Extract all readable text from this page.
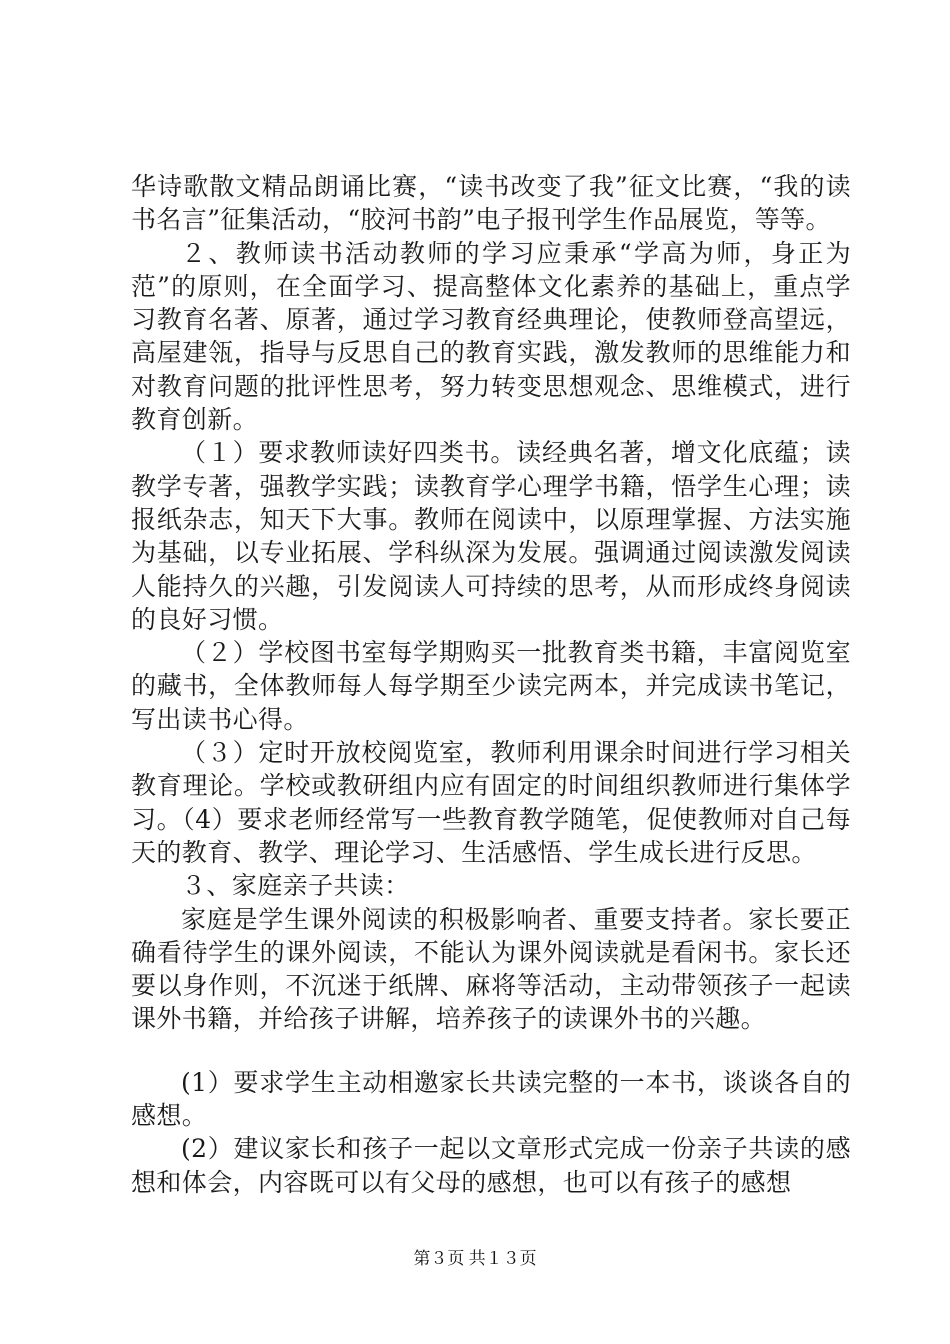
华诗歌散文精品朗诵比赛，“读书改变了我”征文比赛，“我的读书名言”征集活动，“胶河书韵”电子报刊学生作品展览，等等。

２、教师读书活动教师的学习应秉承“学高为师，身正为范”的原则，在全面学习、提高整体文化素养的基础上，重点学习教育名著、原著，通过学习教育经典理论，使教师登高望远，高屋建瓴，指导与反思自己的教育实践，激发教师的思维能力和对教育问题的批评性思考，努力转变思想观念、思维模式，进行教育创新。

（１）要求教师读好四类书。读经典名著，增文化底蕴；读教学专著，强教学实践；读教育学心理学书籍，悟学生心理；读报纸杂志，知天下大事。教师在阅读中，以原理掌握、方法实施为基础，以专业拓展、学科纵深为发展。强调通过阅读激发阅读人能持久的兴趣，引发阅读人可持续的思考，从而形成终身阅读的良好习惯。

（２）学校图书室每学期购买一批教育类书籍，丰富阅览室的藏书，全体教师每人每学期至少读完两本，并完成读书笔记，写出读书心得。

（３）定时开放校阅览室，教师利用课余时间进行学习相关教育理论。学校或教研组内应有固定的时间组织教师进行集体学习。（4）要求老师经常写一些教育教学随笔，促使教师对自己每天的教育、教学、理论学习、生活感悟、学生成长进行反思。

３、家庭亲子共读：

家庭是学生课外阅读的积极影响者、重要支持者。家长要正确看待学生的课外阅读，不能认为课外阅读就是看闲书。家长还要以身作则，不沉迷于纸牌、麻将等活动，主动带领孩子一起读课外书籍，并给孩子讲解，培养孩子的读课外书的兴趣。

(1）要求学生主动相邀家长共读完整的一本书，谈谈各自的感想。

(2）建议家长和孩子一起以文章形式完成一份亲子共读的感想和体会，内容既可以有父母的感想，也可以有孩子的感想

第３页 共１３页
